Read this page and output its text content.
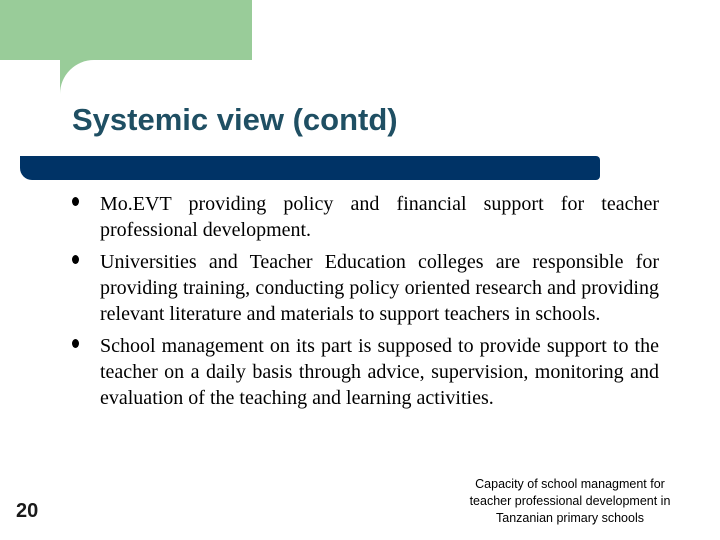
Systemic view (contd)
Mo.EVT providing policy and financial support for teacher professional development.
Universities and Teacher Education colleges are responsible for providing training, conducting policy oriented research and providing relevant literature and materials to support teachers in schools.
School management on its part is supposed to provide support to the teacher on a daily basis through advice, supervision, monitoring and evaluation of the teaching and learning activities.
20
Capacity of school managment for teacher professional development in Tanzanian primary schools
